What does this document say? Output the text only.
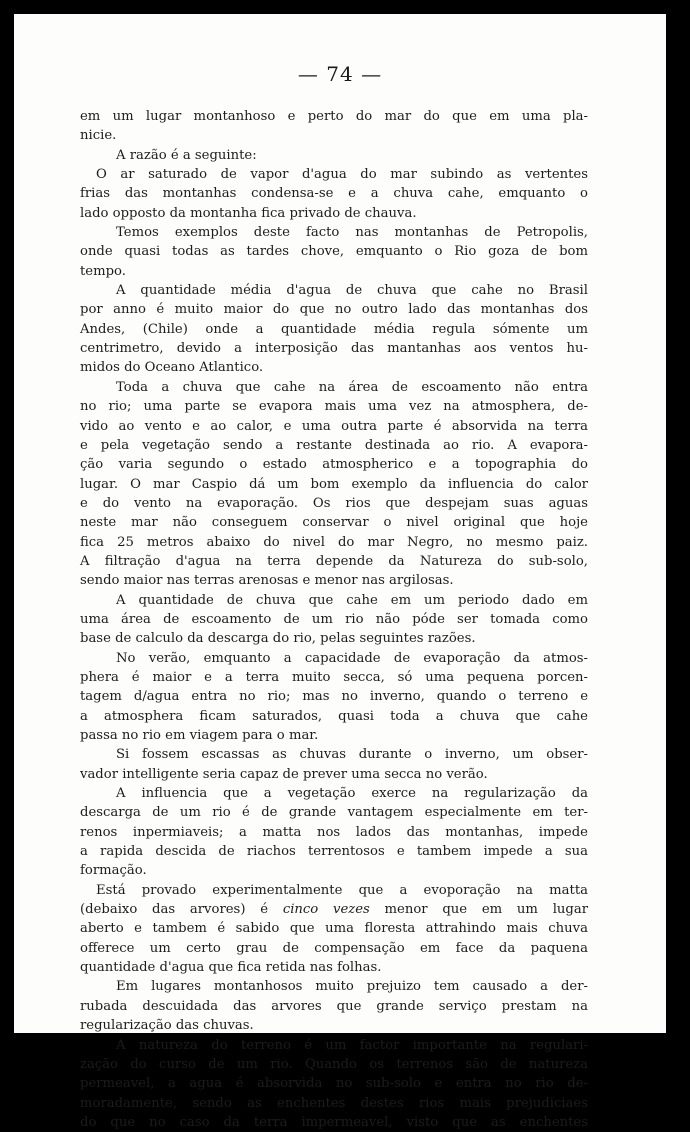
— 74 —
em um lugar montanhoso e perto do mar do que em uma pla-
nicie.
A razão é a seguinte:
O ar saturado de vapor d'agua do mar subindo as vertentes
frias das montanhas condensa-se e a chuva cahe, emquanto o
lado opposto da montanha fica privado de chauva.
Temos exemplos deste facto nas montanhas de Petropolis,
onde quasi todas as tardes chove, emquanto o Rio goza de bom
tempo.
A quantidade média d'agua de chuva que cahe no Brasil
por anno é muito maior do que no outro lado das montanhas dos
Andes, (Chile) onde a quantidade média regula sómente um
centrimetro, devido a interposição das mantanhas aos ventos hu-
midos do Oceano Atlantico.
Toda a chuva que cahe na área de escoamento não entra
no rio; uma parte se evapora mais uma vez na atmosphera, de-
vido ao vento e ao calor, e uma outra parte é absorvida na terra
e pela vegetação sendo a restante destinada ao rio. A evapora-
ção varia segundo o estado atmospherico e a topographia do
lugar. O mar Caspio dá um bom exemplo da influencia do calor
e do vento na evaporação. Os rios que despejam suas aguas
neste mar não conseguem conservar o nivel original que hoje
fica 25 metros abaixo do nivel do mar Negro, no mesmo paiz.
A filtração d'agua na terra depende da Natureza do sub-solo,
sendo maior nas terras arenosas e menor nas argilosas.
A quantidade de chuva que cahe em um periodo dado em
uma área de escoamento de um rio não póde ser tomada como
base de calculo da descarga do rio, pelas seguintes razões.
No verão, emquanto a capacidade de evaporação da atmos-
phera é maior e a terra muito secca, só uma pequena porcen-
tagem d/agua entra no rio; mas no inverno, quando o terreno e
a atmosphera ficam saturados, quasi toda a chuva que cahe
passa no rio em viagem para o mar.
Si fossem escassas as chuvas durante o inverno, um obser-
vador intelligente seria capaz de prever uma secca no verão.
A influencia que a vegetação exerce na regularização da
descarga de um rio é de grande vantagem especialmente em ter-
renos inpermiaveis; a matta nos lados das montanhas, impede
a rapida descida de riachos terrentosos e tambem impede a sua
formação.
Está provado experimentalmente que a evoporação na matta
(debaixo das arvores) é cinco vezes menor que em um lugar
aberto e tambem é sabido que uma floresta attrahindo mais chuva
offerece um certo grau de compensação em face da paquena
quantidade d'agua que fica retida nas folhas.
Em lugares montanhosos muito prejuizo tem causado a der-
rubada descuidada das arvores que grande serviço prestam na
regularização das chuvas.
A natureza do terreno é um factor importante na regulari-
zação do curso de um rio. Quando os terrenos são de natureza
permeavel, a agua é absorvida no sub-solo e entra no rio de-
moradamente, sendo as enchentes destes rios mais prejudiciaes
do que no caso da terra impermeavel, visto que as enchentes
